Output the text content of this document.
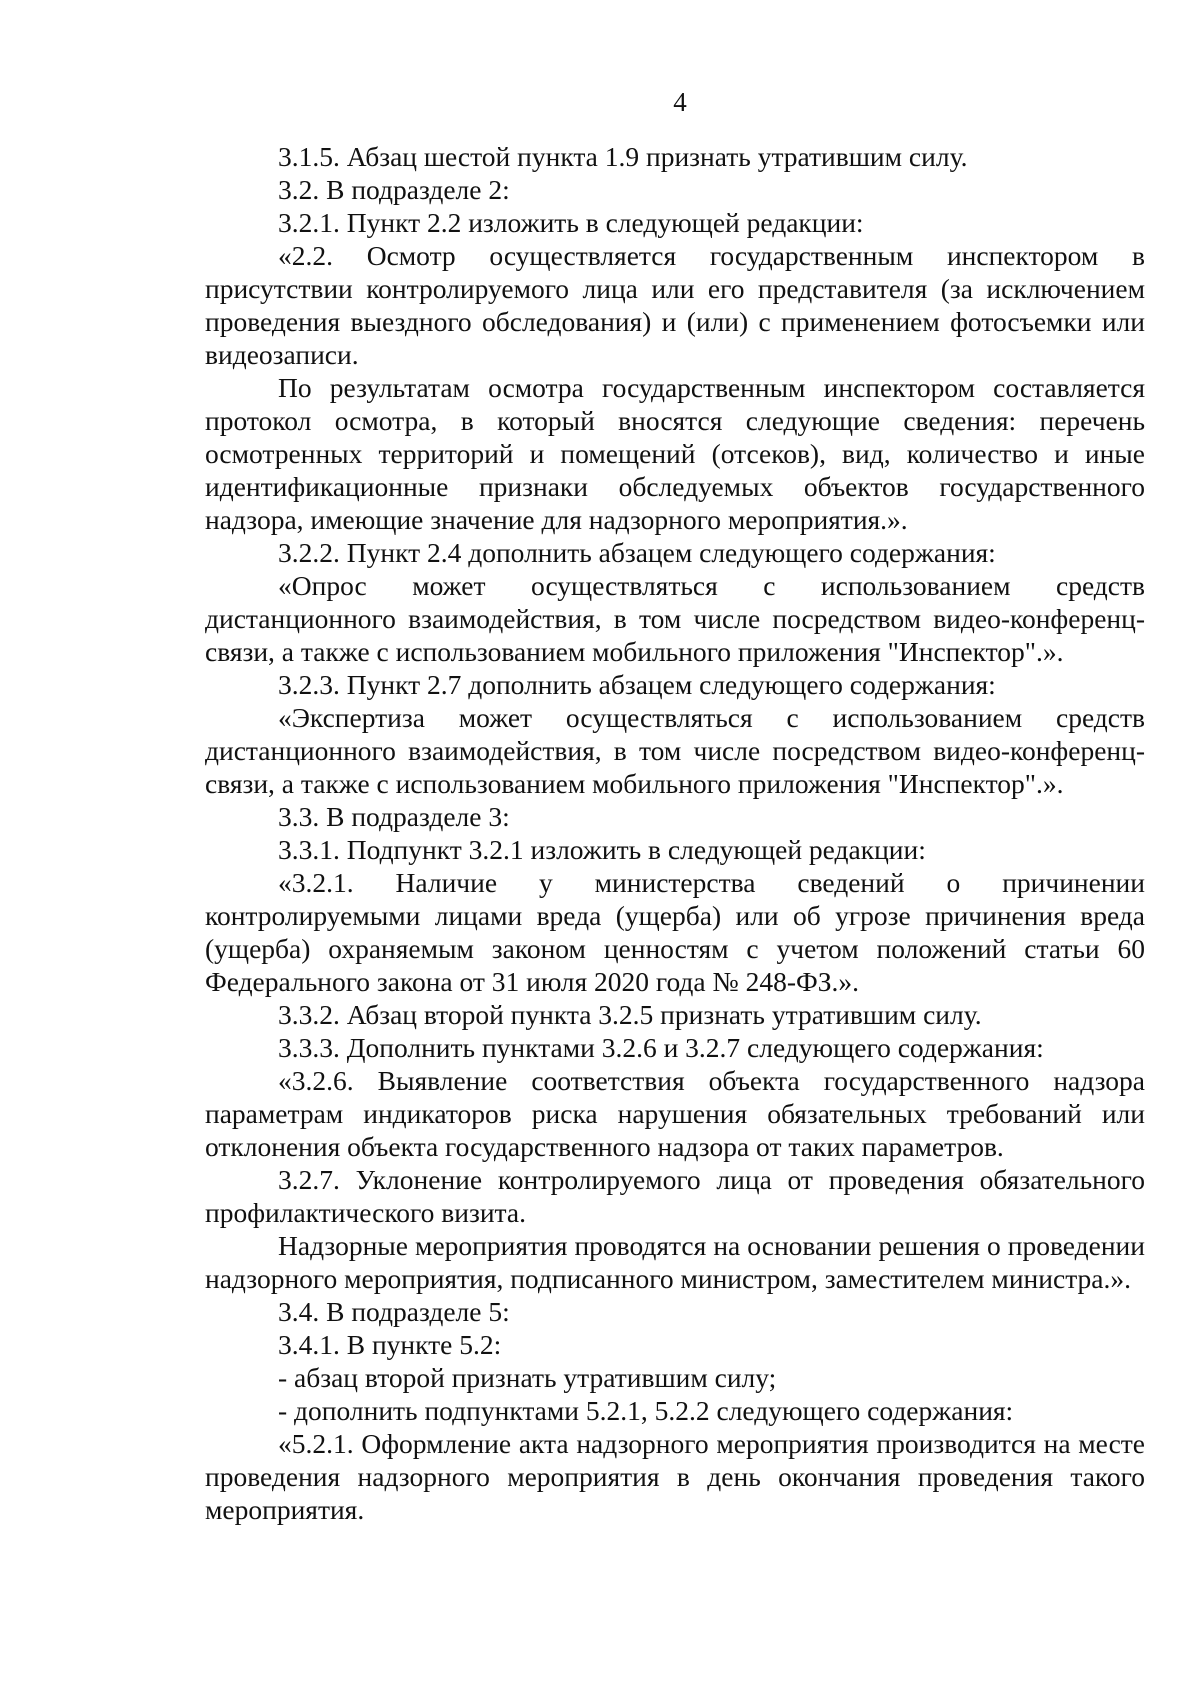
4

3.1.5. Абзац шестой пункта 1.9 признать утратившим силу.

3.2. В подразделе 2:

3.2.1. Пункт 2.2 изложить в следующей редакции:

«2.2. Осмотр осуществляется государственным инспектором в присутствии контролируемого лица или его представителя (за исключением проведения выездного обследования) и (или) с применением фотосъемки или видеозаписи.

По результатам осмотра государственным инспектором составляется протокол осмотра, в который вносятся следующие сведения: перечень осмотренных территорий и помещений (отсеков), вид, количество и иные идентификационные признаки обследуемых объектов государственного надзора, имеющие значение для надзорного мероприятия.».

3.2.2. Пункт 2.4 дополнить абзацем следующего содержания:

«Опрос может осуществляться с использованием средств дистанционного взаимодействия, в том числе посредством видео-конференц-связи, а также с использованием мобильного приложения "Инспектор".».

3.2.3. Пункт 2.7 дополнить абзацем следующего содержания:

«Экспертиза может осуществляться с использованием средств дистанционного взаимодействия, в том числе посредством видео-конференц-связи, а также с использованием мобильного приложения "Инспектор".».

3.3. В подразделе 3:

3.3.1. Подпункт 3.2.1 изложить в следующей редакции:

«3.2.1. Наличие у министерства сведений о причинении контролируемыми лицами вреда (ущерба) или об угрозе причинения вреда (ущерба) охраняемым законом ценностям с учетом положений статьи 60 Федерального закона от 31 июля 2020 года № 248-ФЗ.».

3.3.2. Абзац второй пункта 3.2.5 признать утратившим силу.

3.3.3. Дополнить пунктами 3.2.6 и 3.2.7 следующего содержания:

«3.2.6. Выявление соответствия объекта государственного надзора параметрам индикаторов риска нарушения обязательных требований или отклонения объекта государственного надзора от таких параметров.

3.2.7. Уклонение контролируемого лица от проведения обязательного профилактического визита.

Надзорные мероприятия проводятся на основании решения о проведении надзорного мероприятия, подписанного министром, заместителем министра.».

3.4. В подразделе 5:

3.4.1. В пункте 5.2:

- абзац второй признать утратившим силу;

- дополнить подпунктами 5.2.1, 5.2.2 следующего содержания:

«5.2.1. Оформление акта надзорного мероприятия производится на месте проведения надзорного мероприятия в день окончания проведения такого мероприятия.
